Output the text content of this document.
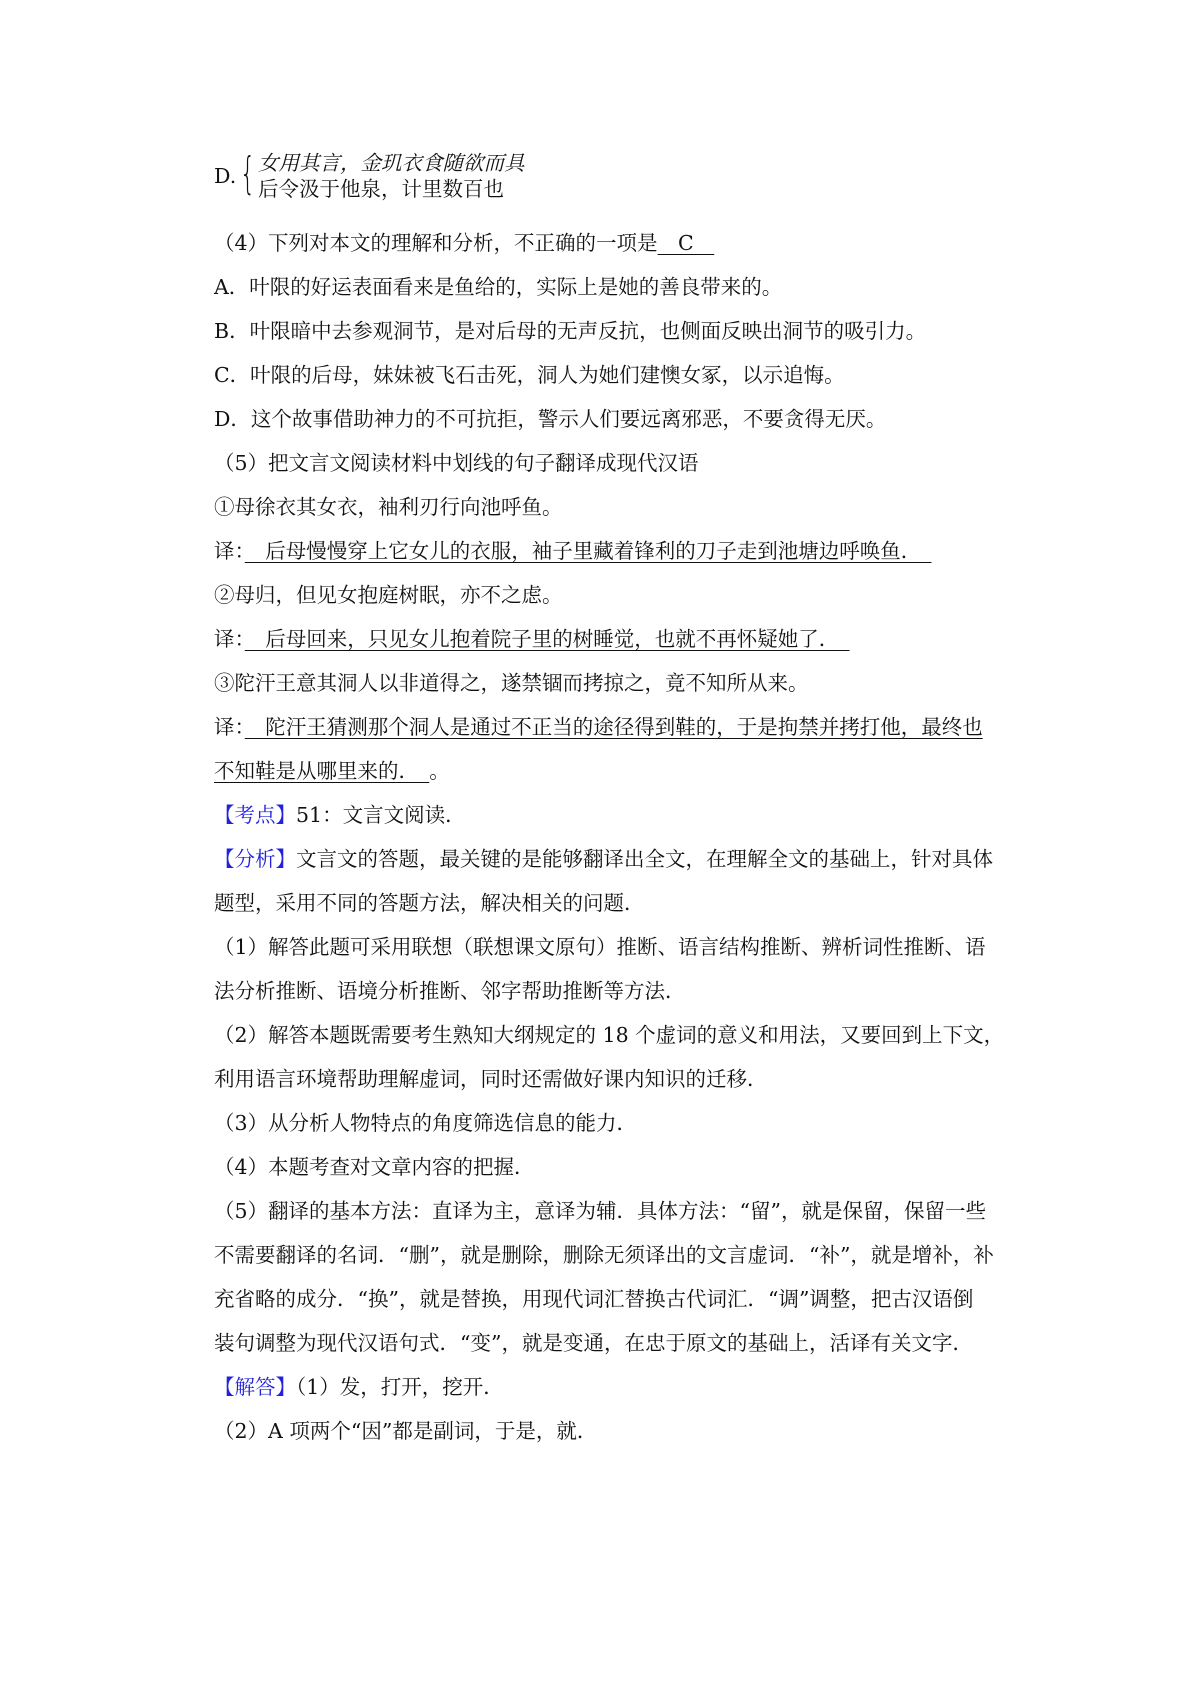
D. { 女用其言，金玑衣食随欲而具
后令汲于他泉，计里数百也
（4）下列对本文的理解和分析，不正确的一项是　C　
A．叶限的好运表面看来是鱼给的，实际上是她的善良带来的。
B．叶限暗中去参观洞节，是对后母的无声反抗，也侧面反映出洞节的吸引力。
C．叶限的后母，妹妹被飞石击死，洞人为她们建懊女冢，以示追悔。
D．这个故事借助神力的不可抗拒，警示人们要远离邪恶，不要贪得无厌。
（5）把文言文阅读材料中划线的句子翻译成现代汉语
①母徐衣其女衣，袖利刃行向池呼鱼。
译：　后母慢慢穿上它女儿的衣服，袖子里藏着锋利的刀子走到池塘边呼唤鱼．　
②母归，但见女抱庭树眠，亦不之虑。
译：　后母回来，只见女儿抱着院子里的树睡觉，也就不再怀疑她了．　
③陀汗王意其洞人以非道得之，遂禁锢而拷掠之，竟不知所从来。
译：　陀汗王猜测那个洞人是通过不正当的途径得到鞋的，于是拘禁并拷打他，最终也
不知鞋是从哪里来的．　。
【考点】51：文言文阅读．
【分析】文言文的答题，最关键的是能够翻译出全文，在理解全文的基础上，针对具体
题型，采用不同的答题方法，解决相关的问题．
（1）解答此题可采用联想（联想课文原句）推断、语言结构推断、辨析词性推断、语
法分析推断、语境分析推断、邻字帮助推断等方法．
（2）解答本题既需要考生熟知大纲规定的 18 个虚词的意义和用法，又要回到上下文，
利用语言环境帮助理解虚词，同时还需做好课内知识的迁移．
（3）从分析人物特点的角度筛选信息的能力．
（4）本题考查对文章内容的把握．
（5）翻译的基本方法：直译为主，意译为辅．具体方法：“留”，就是保留，保留一些
不需要翻译的名词．“删”，就是删除，删除无须译出的文言虚词．“补”，就是增补，补
充省略的成分．“换”，就是替换，用现代词汇替换古代词汇．“调”调整，把古汉语倒
装句调整为现代汉语句式．“变”，就是变通，在忠于原文的基础上，活译有关文字．
【解答】（1）发，打开，挖开．
（2）A 项两个“因”都是副词，于是，就．
